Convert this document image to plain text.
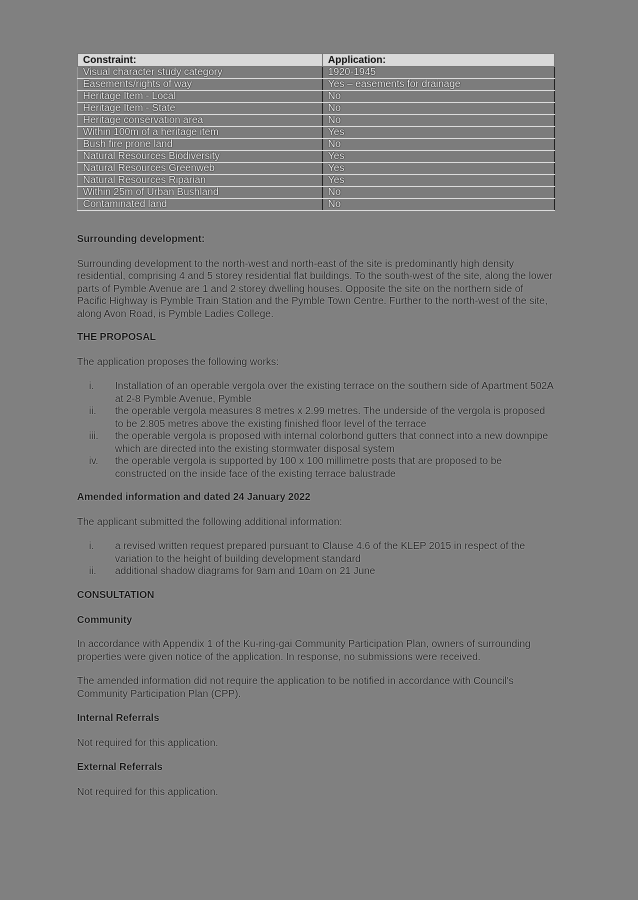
Constraint:	Application:
Visual character study category	1920-1945
Easements/rights of way	Yes – easements for drainage
Heritage Item - Local	No
Heritage Item - State	No
Heritage conservation area	No
Within 100m of a heritage item	Yes
Bush fire prone land	No
Natural Resources Biodiversity	Yes
Natural Resources Greenweb	Yes
Natural Resources Riparian	Yes
Within 25m of Urban Bushland	No
Contaminated land	No

Surrounding development:

Surrounding development to the north-west and north-east of the site is predominantly high density residential, comprising 4 and 5 storey residential flat buildings. To the south-west of the site, along the lower parts of Pymble Avenue are 1 and 2 storey dwelling houses. Opposite the site on the northern side of Pacific Highway is Pymble Train Station and the Pymble Town Centre. Further to the north-west of the site, along Avon Road, is Pymble Ladies College.

THE PROPOSAL

The application proposes the following works:

i. Installation of an operable vergola over the existing terrace on the southern side of Apartment 502A at 2-8 Pymble Avenue, Pymble
ii. the operable vergola measures 8 metres x 2.99 metres. The underside of the vergola is proposed to be 2.805 metres above the existing finished floor level of the terrace
iii. the operable vergola is proposed with internal colorbond gutters that connect into a new downpipe which are directed into the existing stormwater disposal system
iv. the operable vergola is supported by 100 x 100 millimetre posts that are proposed to be constructed on the inside face of the existing terrace balustrade

Amended information and dated 24 January 2022

The applicant submitted the following additional information:

i. a revised written request prepared pursuant to Clause 4.6 of the KLEP 2015 in respect of the variation to the height of building development standard
ii. additional shadow diagrams for 9am and 10am on 21 June

CONSULTATION

Community

In accordance with Appendix 1 of the Ku-ring-gai Community Participation Plan, owners of surrounding properties were given notice of the application. In response, no submissions were received.

The amended information did not require the application to be notified in accordance with Council's Community Participation Plan (CPP).

Internal Referrals

Not required for this application.

External Referrals

Not required for this application.
